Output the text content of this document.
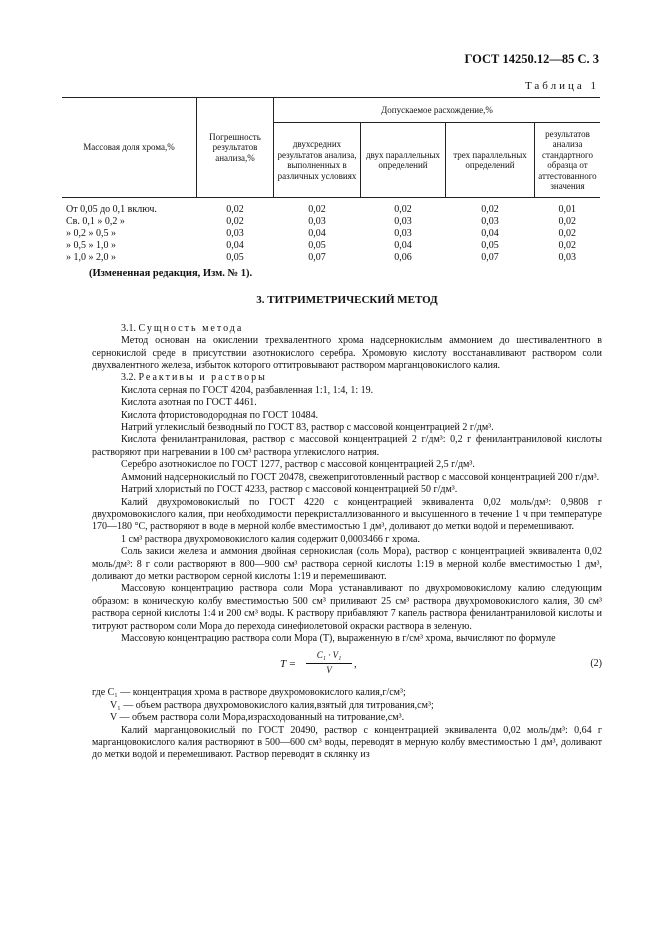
ГОСТ 14250.12—85 С. 3
Таблица 1
Массовая доля хрома,%	Погрешность результатов анализа,%	Допускаемое расхождение,%			
		двухсредних результатов анализа, выполненных в различных условиях	двух параллельных определений	трех параллельных определений	результатов анализа стандартного образца от аттестованного значения
От 0,05 до 0,1 включ.	0,02	0,02	0,02	0,02	0,01
Св. 0,1 » 0,2 »	0,02	0,03	0,03	0,03	0,02
» 0,2 » 0,5 »	0,03	0,04	0,03	0,04	0,02
» 0,5 » 1,0 »	0,04	0,05	0,04	0,05	0,02
» 1,0 » 2,0 »	0,05	0,07	0,06	0,07	0,03

(Измененная редакция, Изм. № 1).

3. ТИТРИМЕТРИЧЕСКИЙ МЕТОД

3.1. Сущность метода

Метод основан на окислении трехвалентного хрома надсернокислым аммонием до шестивалентного в сернокислой среде в присутствии азотнокислого серебра. Хромовую кислоту восстанавливают раствором соли двухвалентного железа, избыток которого оттитровывают раствором марганцовокислого калия.

3.2. Реактивы и растворы

Кислота серная по ГОСТ 4204, разбавленная 1:1, 1:4, 1: 19.

Кислота азотная по ГОСТ 4461.

Кислота фтористоводородная по ГОСТ 10484.

Натрий углекислый безводный по ГОСТ 83, раствор с массовой концентрацией 2 г/дм³.

Кислота фенилантраниловая, раствор с массовой концентрацией 2 г/дм³: 0,2 г фенилантраниловой кислоты растворяют при нагревании в 100 см³ раствора углекислого натрия.

Серебро азотнокислое по ГОСТ 1277, раствор с массовой концентрацией 2,5 г/дм³.

Аммоний надсернокислый по ГОСТ 20478, свежеприготовленный раствор с массовой концентрацией 200 г/дм³.

Натрий хлористый по ГОСТ 4233, раствор с массовой концентрацией 50 г/дм³.

Калий двухромовокислый по ГОСТ 4220 с концентрацией эквивалента 0,02 моль/дм³: 0,9808 г двухромовокислого калия, при необходимости перекристаллизованного и высушенного в течение 1 ч при температуре 170—180 °С, растворяют в воде в мерной колбе вместимостью 1 дм³, доливают до метки водой и перемешивают.

1 см³ раствора двухромовокислого калия содержит 0,0003466 г хрома.

Соль закиси железа и аммония двойная сернокислая (соль Мора), раствор с концентрацией эквивалента 0,02 моль/дм³: 8 г соли растворяют в 800—900 см³ раствора серной кислоты 1:19 в мерной колбе вместимостью 1 дм³, доливают до метки раствором серной кислоты 1:19 и перемешивают.

Массовую концентрацию раствора соли Мора устанавливают по двухромовокислому калию следующим образом: в коническую колбу вместимостью 500 см³ приливают 25 см³ раствора двухромовокислого калия, 30 см³ раствора серной кислоты 1:4 и 200 см³ воды. К раствору прибавляют 7 капель раствора фенилантраниловой кислоты и титруют раствором соли Мора до перехода синефиолетовой окраски раствора в зеленую.

Массовую концентрацию раствора соли Мора (Т), выраженную в г/см³ хрома, вычисляют по формуле

$T = \frac{\text{C₁ · V₁}}{V}$ ,	(2)

где C₁ — концентрация хрома в растворе двухромовокислого калия,г/см³;

V₁ — объем раствора двухромовокислого калия,взятый для титрования,см³;

V — объем раствора соли Мора,израсходованный на титрование,см³.

Калий марганцовокислый по ГОСТ 20490, раствор с концентрацией эквивалента 0,02 моль/дм³: 0,64 г марганцовокислого калия растворяют в 500—600 см³ воды, переводят в мерную колбу вместимостью 1 дм³, доливают до метки водой и перемешивают. Раствор переводят в склянку из
